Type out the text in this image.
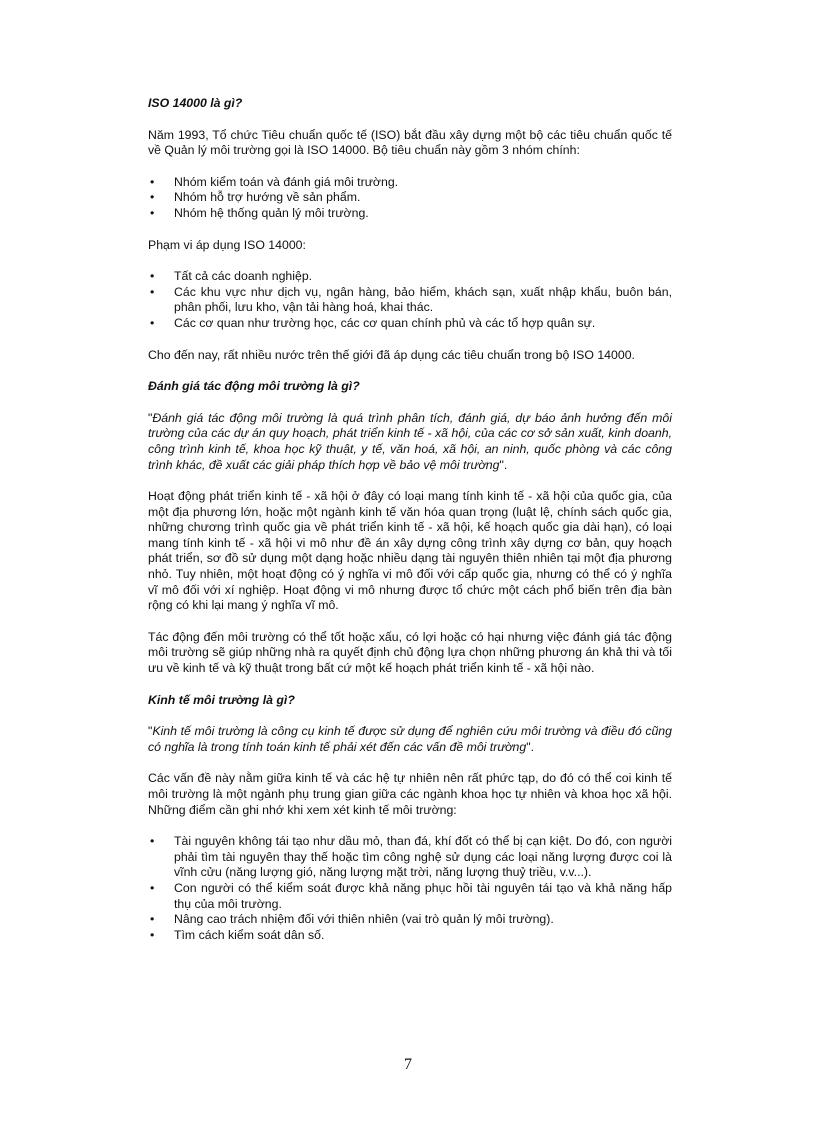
ISO 14000 là gì?

Năm 1993, Tổ chức Tiêu chuẩn quốc tế (ISO) bắt đầu xây dựng một bộ các tiêu chuẩn quốc tế về Quản lý môi trường gọi là ISO 14000. Bộ tiêu chuẩn này gồm 3 nhóm chính:

• Nhóm kiểm toán và đánh giá môi trường.
• Nhóm hỗ trợ hướng về sản phẩm.
• Nhóm hệ thống quản lý môi trường.

Phạm vi áp dụng ISO 14000:

• Tất cả các doanh nghiệp.
• Các khu vực như dịch vụ, ngân hàng, bảo hiểm, khách sạn, xuất nhập khẩu, buôn bán, phân phối, lưu kho, vận tải hàng hoá, khai thác.
• Các cơ quan như trường học, các cơ quan chính phủ và các tổ hợp quân sự.

Cho đến nay, rất nhiều nước trên thế giới đã áp dụng các tiêu chuẩn trong bộ ISO 14000.

Đánh giá tác động môi trường là gì?

"Đánh giá tác động môi trường là quá trình phân tích, đánh giá, dự báo ảnh hưởng đến môi trường của các dự án quy hoạch, phát triển kinh tế - xã hội, của các cơ sở sản xuất, kinh doanh, công trình kinh tế, khoa học kỹ thuật, y tế, văn hoá, xã hội, an ninh, quốc phòng và các công trình khác, đề xuất các giải pháp thích hợp về bảo vệ môi trường".

Hoạt động phát triển kinh tế - xã hội ở đây có loại mang tính kinh tế - xã hội của quốc gia, của một địa phương lớn, hoặc một ngành kinh tế văn hóa quan trọng (luật lệ, chính sách quốc gia, những chương trình quốc gia về phát triển kinh tế - xã hội, kế hoạch quốc gia dài hạn), có loại mang tính kinh tế - xã hội vi mô như đề án xây dựng công trình xây dựng cơ bản, quy hoạch phát triển, sơ đồ sử dụng một dạng hoặc nhiều dạng tài nguyên thiên nhiên tại một địa phương nhỏ. Tuy nhiên, một hoạt động có ý nghĩa vi mô đối với cấp quốc gia, nhưng có thể có ý nghĩa vĩ mô đối với xí nghiệp. Hoạt động vi mô nhưng được tổ chức một cách phổ biến trên địa bàn rộng có khi lại mang ý nghĩa vĩ mô.

Tác động đến môi trường có thể tốt hoặc xấu, có lợi hoặc có hại nhưng việc đánh giá tác động môi trường sẽ giúp những nhà ra quyết định chủ động lựa chọn những phương án khả thi và tối ưu về kinh tế và kỹ thuật trong bất cứ một kế hoạch phát triển kinh tế - xã hội nào.

Kinh tế môi trường là gì?

"Kinh tế môi trường là công cụ kinh tế được sử dụng để nghiên cứu môi trường và điều đó cũng có nghĩa là trong tính toán kinh tế phải xét đến các vấn đề môi trường".

Các vấn đề này nằm giữa kinh tế và các hệ tự nhiên nên rất phức tạp, do đó có thể coi kinh tế môi trường là một ngành phụ trung gian giữa các ngành khoa học tự nhiên và khoa học xã hội. Những điểm cần ghi nhớ khi xem xét kinh tế môi trường:

• Tài nguyên không tái tạo như dầu mỏ, than đá, khí đốt có thể bị cạn kiệt. Do đó, con người phải tìm tài nguyên thay thế hoặc tìm công nghệ sử dụng các loại năng lượng được coi là vĩnh cửu (năng lượng gió, năng lượng mặt trời, năng lượng thuỷ triều, v.v...).
• Con người có thể kiểm soát được khả năng phục hồi tài nguyên tái tạo và khả năng hấp thụ của môi trường.
• Nâng cao trách nhiệm đối với thiên nhiên (vai trò quản lý môi trường).
• Tìm cách kiểm soát dân số.
7
